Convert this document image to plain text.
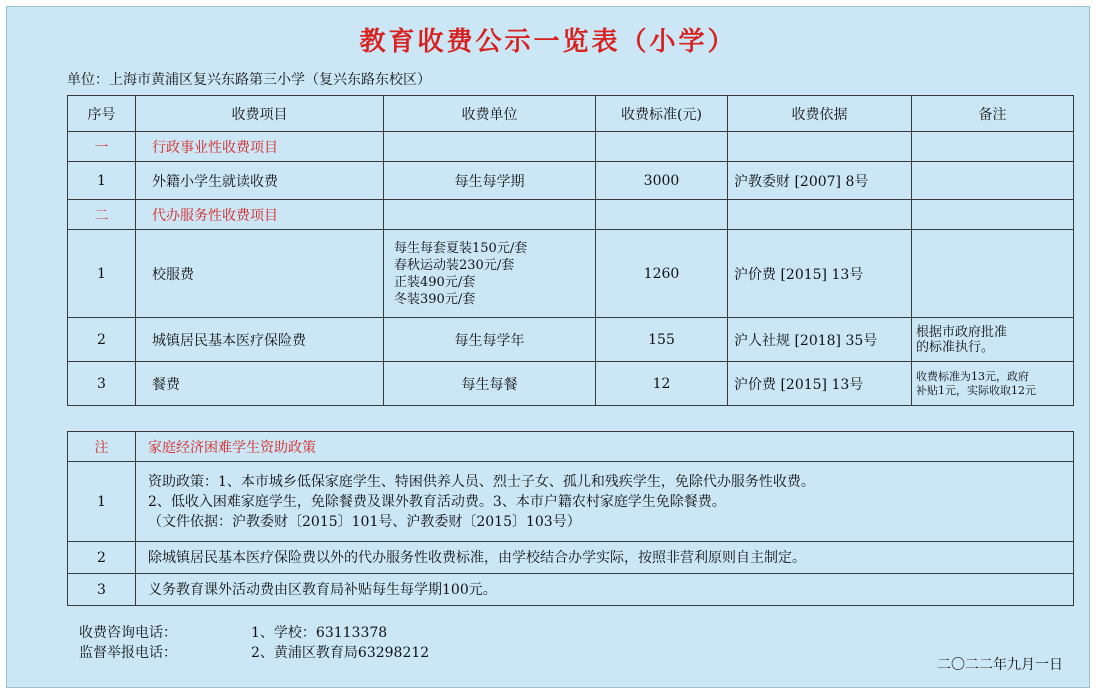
教育收费公示一览表（小学）
单位：上海市黄浦区复兴东路第三小学（复兴东路东校区）
序号	收费项目	收费单位	收费标准(元)	收费依据	备注
一	行政事业性收费项目				
1	外籍小学生就读收费	每生每学期	3000	沪教委财 [2007] 8号	
二	代办服务性收费项目				
1	校服费	每生每套夏装150元/套
春秋运动装230元/套
正装490元/套
冬装390元/套	1260	沪价费 [2015] 13号	
2	城镇居民基本医疗保险费	每生每学年	155	沪人社规 [2018] 35号	根据市政府批准
的标准执行。

3	餐费	每生每餐	12	沪价费 [2015] 13号	收费标准为13元，政府
补贴1元，实际收取12元
注	家庭经济困难学生资助政策
1	资助政策：1、本市城乡低保家庭学生、特困供养人员、烈士子女、孤儿和残疾学生，免除代办服务性收费。
2、低收入困难家庭学生，免除餐费及课外教育活动费。3、本市户籍农村家庭学生免除餐费。
（文件依据：沪教委财〔2015〕101号、沪教委财〔2015〕103号）

2	除城镇居民基本医疗保险费以外的代办服务性收费标准，由学校结合办学实际，按照非营利原则自主制定。
3	义务教育课外活动费由区教育局补贴每生每学期100元。
收费咨询电话：
监督举报电话：
1、学校：63113378
2、黄浦区教育局63298212
二〇二二年九月一日
